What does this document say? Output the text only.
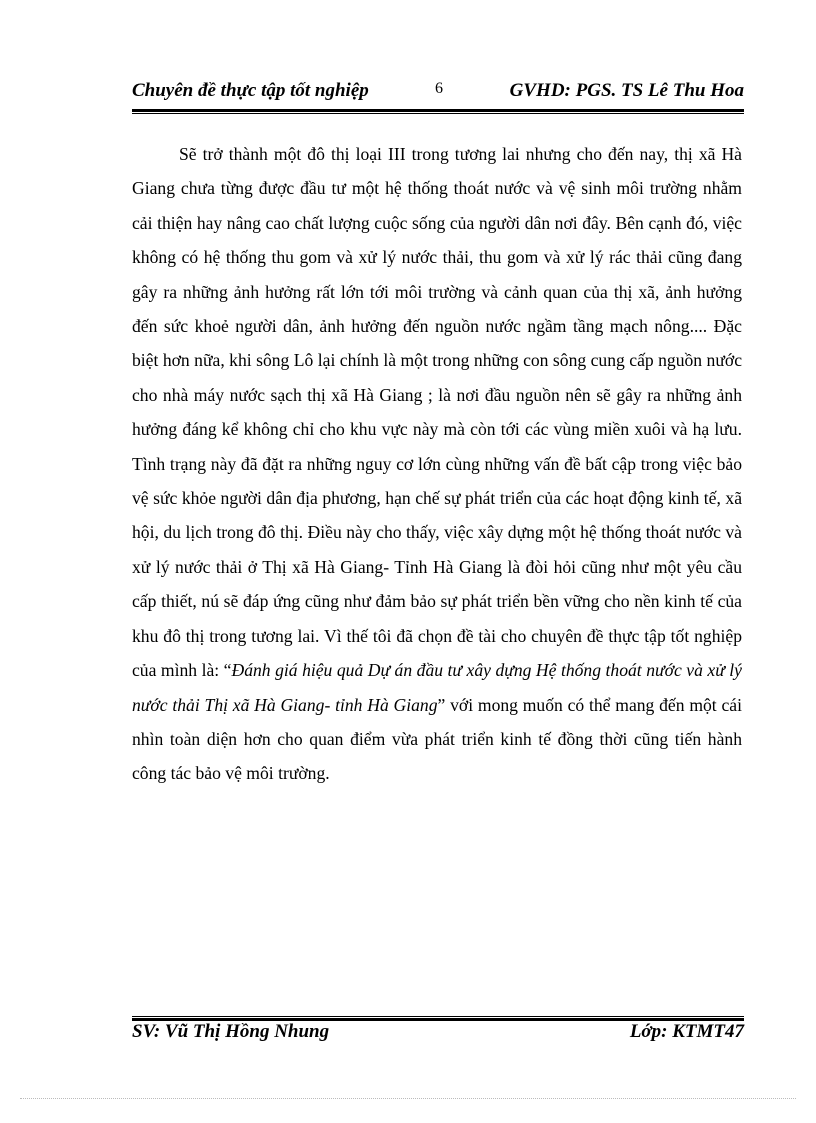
Chuyên đề thực tập tốt nghiệp	6	GVHD: PGS. TS Lê Thu Hoa

Sẽ trở thành một đô thị loại III trong tương lai nhưng cho đến nay, thị xã Hà Giang chưa từng được đầu tư một hệ thống thoát nước và vệ sinh môi trường nhằm cải thiện hay nâng cao chất lượng cuộc sống của người dân nơi đây. Bên cạnh đó, việc không có hệ thống thu gom và xử lý nước thải, thu gom và xử lý rác thải cũng đang gây ra những ảnh hưởng rất lớn tới môi trường và cảnh quan của thị xã, ảnh hưởng đến sức khoẻ người dân, ảnh hưởng đến nguồn nước ngầm tầng mạch nông.... Đặc biệt hơn nữa, khi sông Lô lại chính là một trong những con sông cung cấp nguồn nước cho nhà máy nước sạch thị xã Hà Giang ; là nơi đầu nguồn nên sẽ gây ra những ảnh hưởng đáng kể không chỉ cho khu vực này mà còn tới các vùng miền xuôi và hạ lưu. Tình trạng này đã đặt ra những nguy cơ lớn cùng những vấn đề bất cập trong việc bảo vệ sức khỏe người dân địa phương, hạn chế sự phát triển của các hoạt động kinh tế, xã hội, du lịch trong đô thị. Điều này cho thấy, việc xây dựng một hệ thống thoát nước và xử lý nước thải ở Thị xã Hà Giang- Tỉnh Hà Giang là đòi hỏi cũng như một yêu cầu cấp thiết, nú sẽ đáp ứng cũng như đảm bảo sự phát triển bền vững cho nền kinh tế của khu đô thị trong tương lai. Vì thế tôi đã chọn đề tài cho chuyên đề thực tập tốt nghiệp của mình là: “Đánh giá hiệu quả Dự án đầu tư xây dựng Hệ thống thoát nước và xử lý nước thải Thị xã Hà Giang- tỉnh Hà Giang” với mong muốn có thể mang đến một cái nhìn toàn diện hơn cho quan điểm vừa phát triển kinh tế đồng thời cũng tiến hành công tác bảo vệ môi trường.

SV: Vũ Thị Hồng Nhung	Lớp: KTMT47
